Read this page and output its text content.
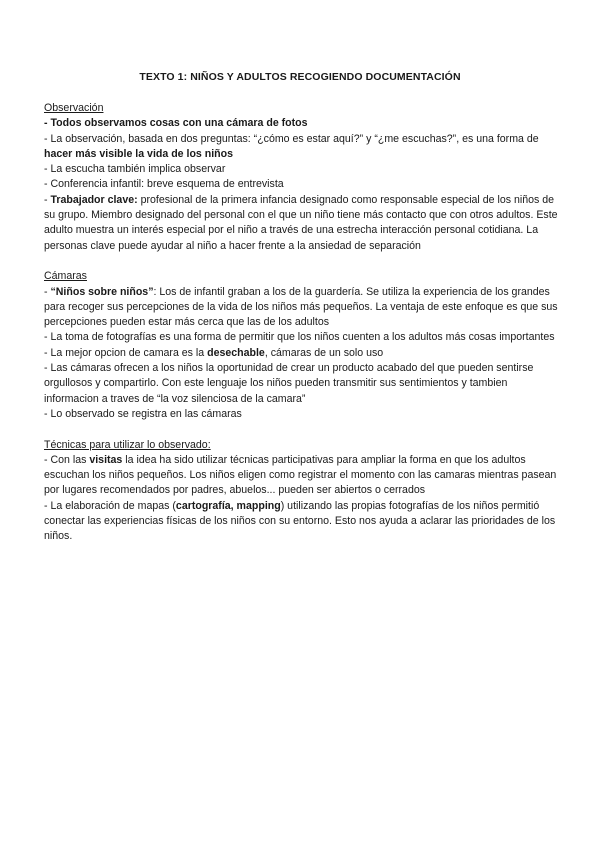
TEXTO 1: NIÑOS Y ADULTOS RECOGIENDO DOCUMENTACIÓN

Observación

- Todos observamos cosas con una cámara de fotos

- La observación, basada en dos preguntas: “¿cómo es estar aquí?” y “¿me escuchas?”, es una forma de hacer más visible la vida de los niños

- La escucha también implica observar

- Conferencia infantil: breve esquema de entrevista

- Trabajador clave: profesional de la primera infancia designado como responsable especial de los niños de su grupo. Miembro designado del personal con el que un niño tiene más contacto que con otros adultos. Este adulto muestra un interés especial por el niño a través de una estrecha interacción personal cotidiana. La personas clave puede ayudar al niño a hacer frente a la ansiedad de separación

Cámaras

- “Niños sobre niños”: Los de infantil graban a los de la guardería. Se utiliza la experiencia de los grandes para recoger sus percepciones de la vida de los niños más pequeños. La ventaja de este enfoque es que sus percepciones pueden estar más cerca que las de los adultos

- La toma de fotografías es una forma de permitir que los niños cuenten a los adultos más cosas importantes

- La mejor opcion de camara es la desechable, cámaras de un solo uso

- Las cámaras ofrecen a los niños la oportunidad de crear un producto acabado del que pueden sentirse orgullosos y compartirlo. Con este lenguaje los niños pueden transmitir sus sentimientos y tambien informacion a traves de “la voz silenciosa de la camara”

- Lo observado se registra en las cámaras

Técnicas para utilizar lo observado:

- Con las visitas la idea ha sido utilizar técnicas participativas para ampliar la forma en que los adultos escuchan los niños pequeños. Los niños eligen como registrar el momento con las camaras mientras pasean por lugares recomendados por padres, abuelos... pueden ser abiertos o cerrados

- La elaboración de mapas (cartografía, mapping) utilizando las propias fotografías de los niños permitió conectar las experiencias físicas de los niños con su entorno. Esto nos ayuda a aclarar las prioridades de los niños.
